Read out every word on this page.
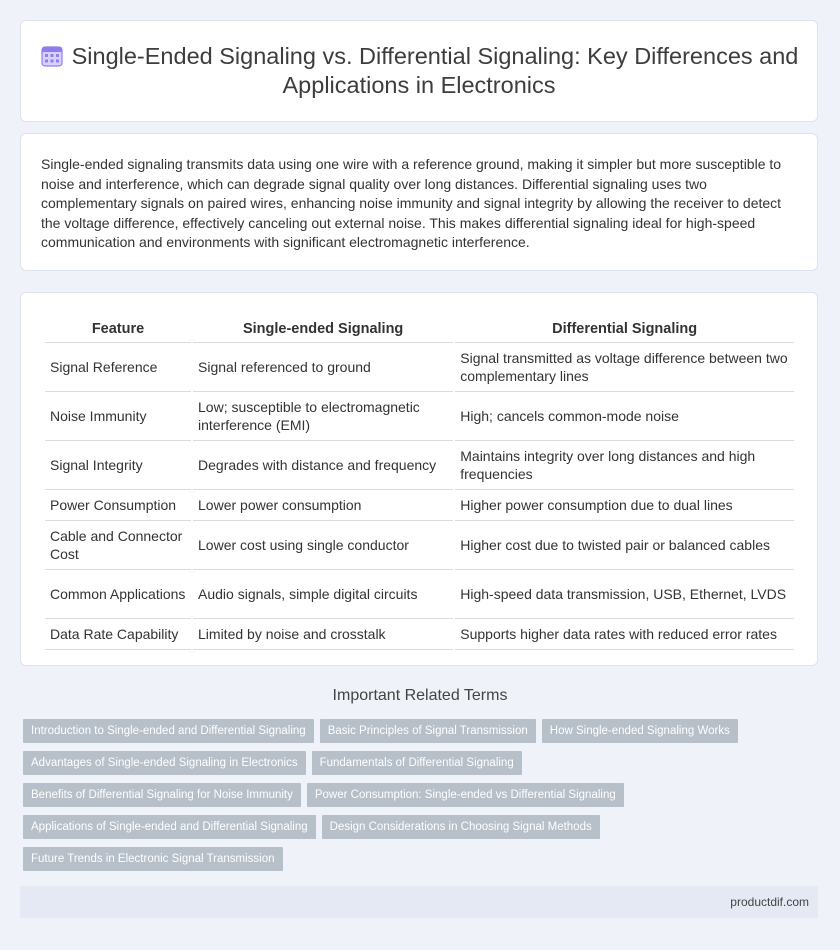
Single-Ended Signaling vs. Differential Signaling: Key Differences and Applications in Electronics

Single-ended signaling transmits data using one wire with a reference ground, making it simpler but more susceptible to noise and interference, which can degrade signal quality over long distances. Differential signaling uses two complementary signals on paired wires, enhancing noise immunity and signal integrity by allowing the receiver to detect the voltage difference, effectively canceling out external noise. This makes differential signaling ideal for high-speed communication and environments with significant electromagnetic interference.

Feature	Single-ended Signaling	Differential Signaling
Signal Reference	Signal referenced to ground	Signal transmitted as voltage difference between two complementary lines
Noise Immunity	Low; susceptible to electromagnetic interference (EMI)	High; cancels common-mode noise
Signal Integrity	Degrades with distance and frequency	Maintains integrity over long distances and high frequencies
Power Consumption	Lower power consumption	Higher power consumption due to dual lines
Cable and Connector Cost	Lower cost using single conductor	Higher cost due to twisted pair or balanced cables
Common Applications	Audio signals, simple digital circuits	High-speed data transmission, USB, Ethernet, LVDS
Data Rate Capability	Limited by noise and crosstalk	Supports higher data rates with reduced error rates
Important Related Terms
Introduction to Single-ended and Differential Signaling Basic Principles of Signal Transmission How Single-ended Signaling Works
Advantages of Single-ended Signaling in Electronics Fundamentals of Differential Signaling
Benefits of Differential Signaling for Noise Immunity Power Consumption: Single-ended vs Differential Signaling
Applications of Single-ended and Differential Signaling Design Considerations in Choosing Signal Methods
Future Trends in Electronic Signal Transmission
productdif.com
